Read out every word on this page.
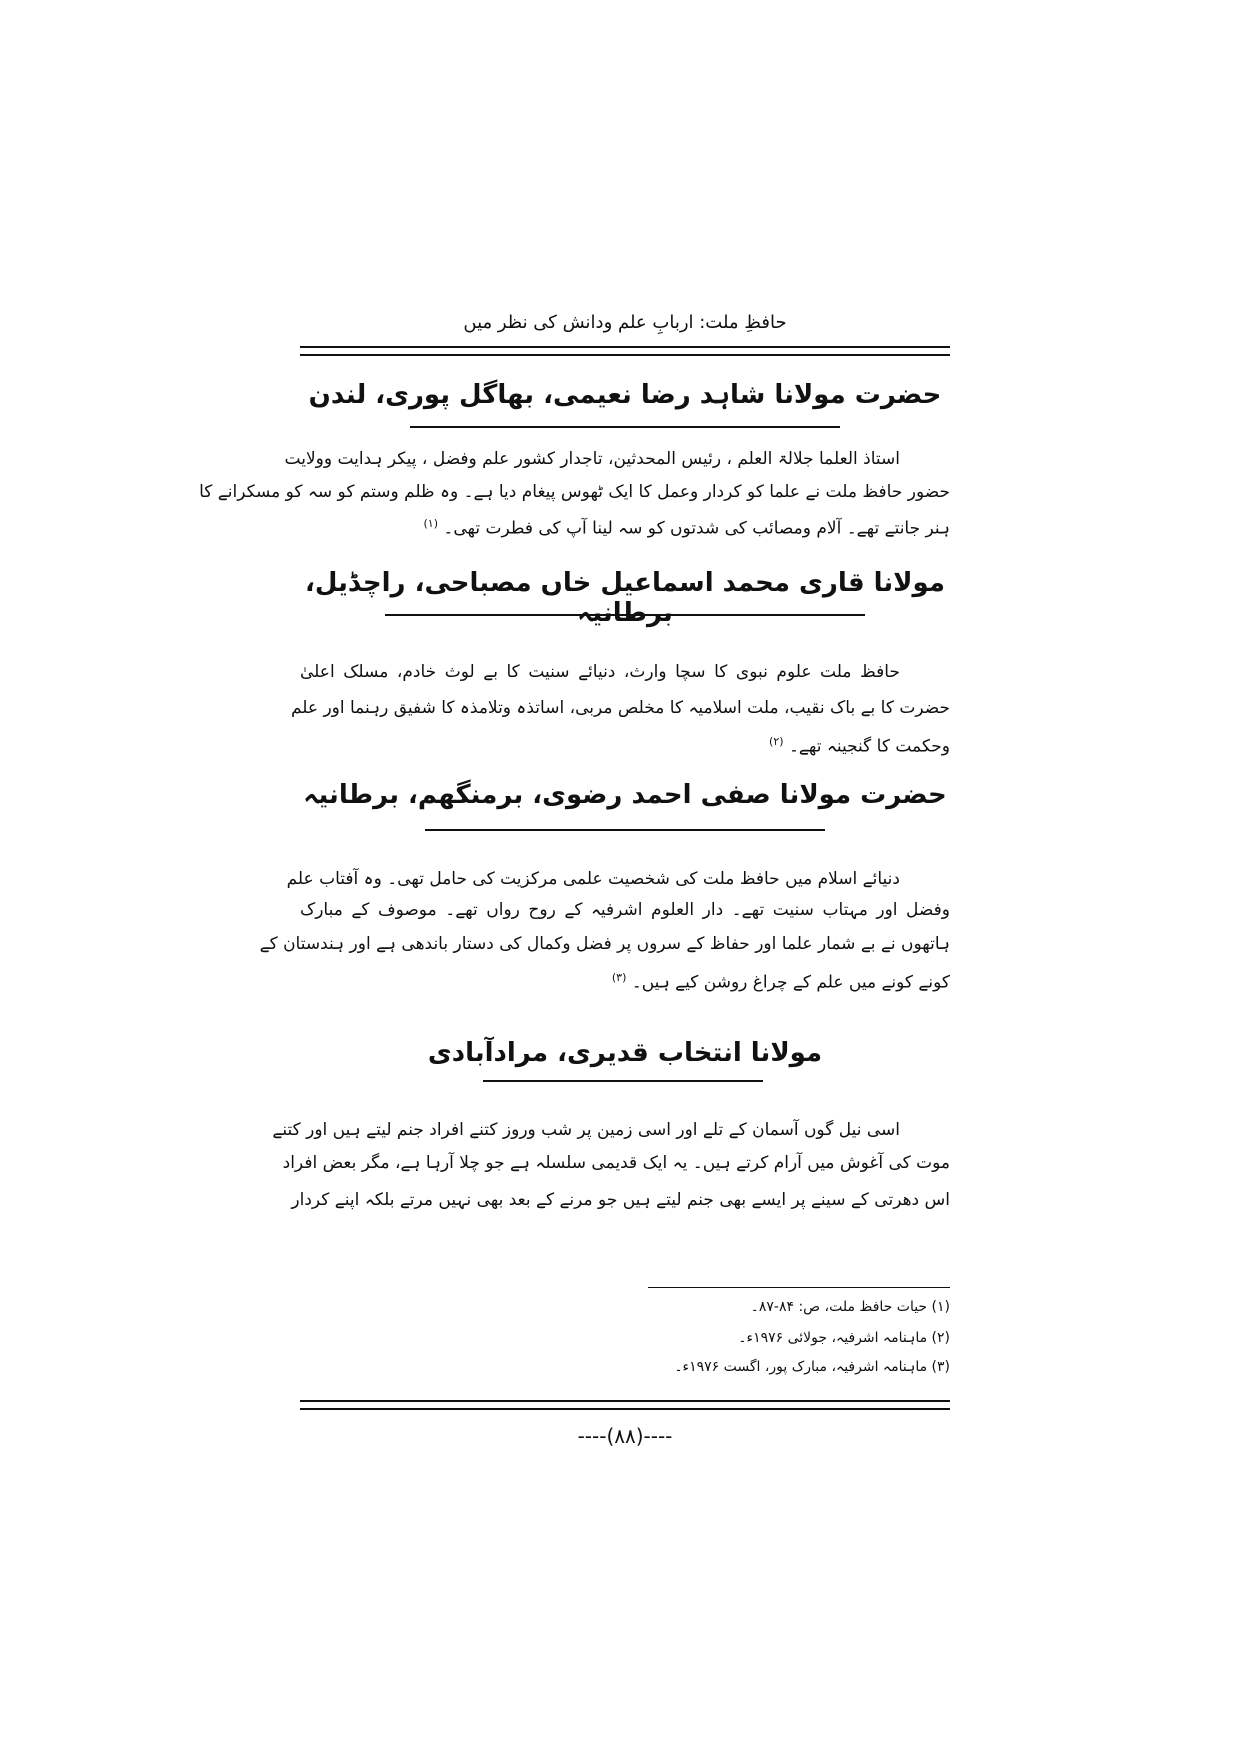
حافظِ ملت: اربابِ علم ودانش کی نظر میں
حضرت مولانا شاہد رضا نعیمی، بھاگل پوری، لندن
استاذ العلما جلالۃ العلم ، رئیس المحدثین، تاجدار کشور علم وفضل ، پیکر ہدایت وولایت
حضور حافظ ملت نے علما کو کردار وعمل کا ایک ٹھوس پیغام دیا ہے۔ وہ ظلم وستم کو سہ کو مسکرانے کا
ہنر جانتے تھے۔ آلام ومصائب کی شدتوں کو سہ لینا آپ کی فطرت تھی۔ $^{(۱)}$
مولانا قاری محمد اسماعیل خاں مصباحی، راچڈیل، برطانیہ
حافظ ملت علوم نبوی کا سچا وارث، دنیائے سنیت کا بے لوث خادم، مسلک اعلیٰ
حضرت کا بے باک نقیب، ملت اسلامیہ کا مخلص مربی، اساتذہ وتلامذہ کا شفیق رہنما اور علم
وحکمت کا گنجینہ تھے۔ $^{(۲)}$
حضرت مولانا صفی احمد رضوی، برمنگھم، برطانیہ
دنیائے اسلام میں حافظ ملت کی شخصیت علمی مرکزیت کی حامل تھی۔ وہ آفتاب علم
وفضل اور مہتاب سنیت تھے۔ دار العلوم اشرفیہ کے روح رواں تھے۔ موصوف کے مبارک
ہاتھوں نے بے شمار علما اور حفاظ کے سروں پر فضل وکمال کی دستار باندھی ہے اور ہندستان کے
کونے کونے میں علم کے چراغ روشن کیے ہیں۔ $^{(۳)}$
مولانا انتخاب قدیری، مرادآبادی
اسی نیل گوں آسمان کے تلے اور اسی زمین پر شب وروز کتنے افراد جنم لیتے ہیں اور کتنے
موت کی آغوش میں آرام کرتے ہیں۔ یہ ایک قدیمی سلسلہ ہے جو چلا آرہا ہے، مگر بعض افراد
اس دھرتی کے سینے پر ایسے بھی جنم لیتے ہیں جو مرنے کے بعد بھی نہیں مرتے بلکہ اپنے کردار
(۱) حیات حافظ ملت، ص: ۸۴-۸۷۔
(۲) ماہنامہ اشرفیہ، جولائی ۱۹۷۶ء۔
(۳) ماہنامہ اشرفیہ، مبارک پور، اگست ۱۹۷۶ء۔
----(۸۸)----
